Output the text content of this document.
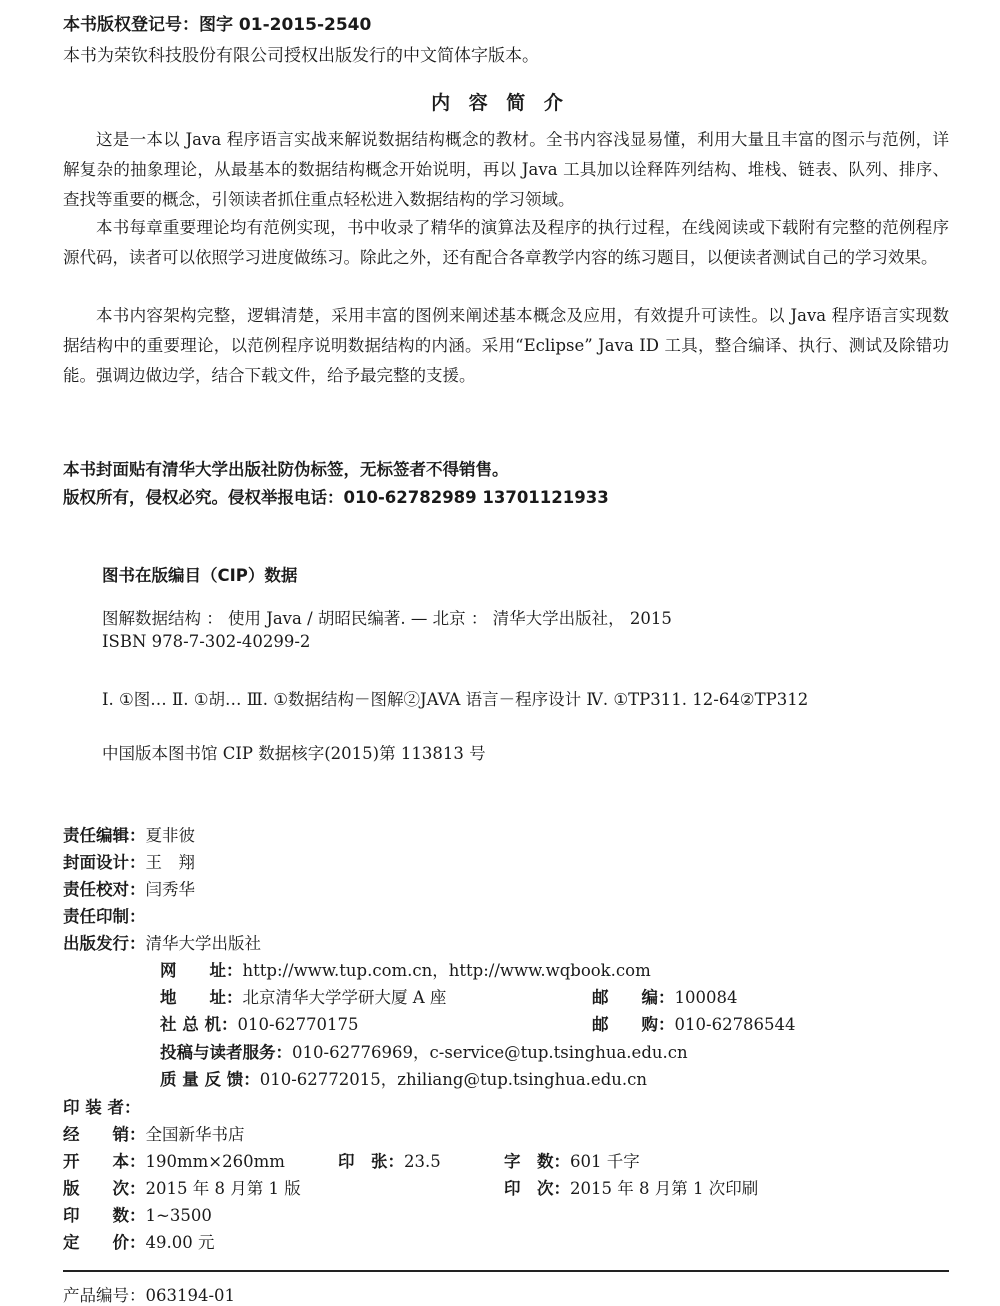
本书版权登记号：图字 01-2015-2540
本书为荣钦科技股份有限公司授权出版发行的中文简体字版本。
内 容 简 介
这是一本以 Java 程序语言实战来解说数据结构概念的教材。全书内容浅显易懂，利用大量且丰富的图示与范例，详解复杂的抽象理论，从最基本的数据结构概念开始说明，再以 Java 工具加以诠释阵列结构、堆栈、链表、队列、排序、查找等重要的概念，引领读者抓住重点轻松进入数据结构的学习领域。
本书每章重要理论均有范例实现，书中收录了精华的演算法及程序的执行过程，在线阅读或下载附有完整的范例程序源代码，读者可以依照学习进度做练习。除此之外，还有配合各章教学内容的练习题目，以便读者测试自己的学习效果。
本书内容架构完整，逻辑清楚，采用丰富的图例来阐述基本概念及应用，有效提升可读性。以 Java 程序语言实现数据结构中的重要理论，以范例程序说明数据结构的内涵。采用“Eclipse” Java ID 工具，整合编译、执行、测试及除错功能。强调边做边学，结合下载文件，给予最完整的支援。
本书封面贴有清华大学出版社防伪标签，无标签者不得销售。
版权所有，侵权必究。侵权举报电话：010-62782989 13701121933
图书在版编目（CIP）数据
图解数据结构 ： 使用 Java / 胡昭民编著. — 北京 ： 清华大学出版社， 2015
ISBN 978-7-302-40299-2
Ⅰ. ①图… Ⅱ. ①胡… Ⅲ. ①数据结构－图解②JAVA 语言－程序设计 Ⅳ. ①TP311. 12-64②TP312
中国版本图书馆 CIP 数据核字(2015)第 113813 号
责任编辑：夏非彼
封面设计：王　翔
责任校对：闫秀华
责任印制：
出版发行：清华大学出版社
网　　址：http://www.tup.com.cn，http://www.wqbook.com
地　　址：北京清华大学学研大厦 A 座	邮　　编：100084
社 总 机：010-62770175	邮　　购：010-62786544
投稿与读者服务：010-62776969，c-service@tup.tsinghua.edu.cn
质 量 反 馈：010-62772015，zhiliang@tup.tsinghua.edu.cn
印 装 者：
经　　销：全国新华书店
开　　本：190mm×260mm	印　张：23.5	字　数：601 千字
版　　次：2015 年 8 月第 1 版	印　次：2015 年 8 月第 1 次印刷
印　　数：1~3500
定　　价：49.00 元
产品编号：063194-01
